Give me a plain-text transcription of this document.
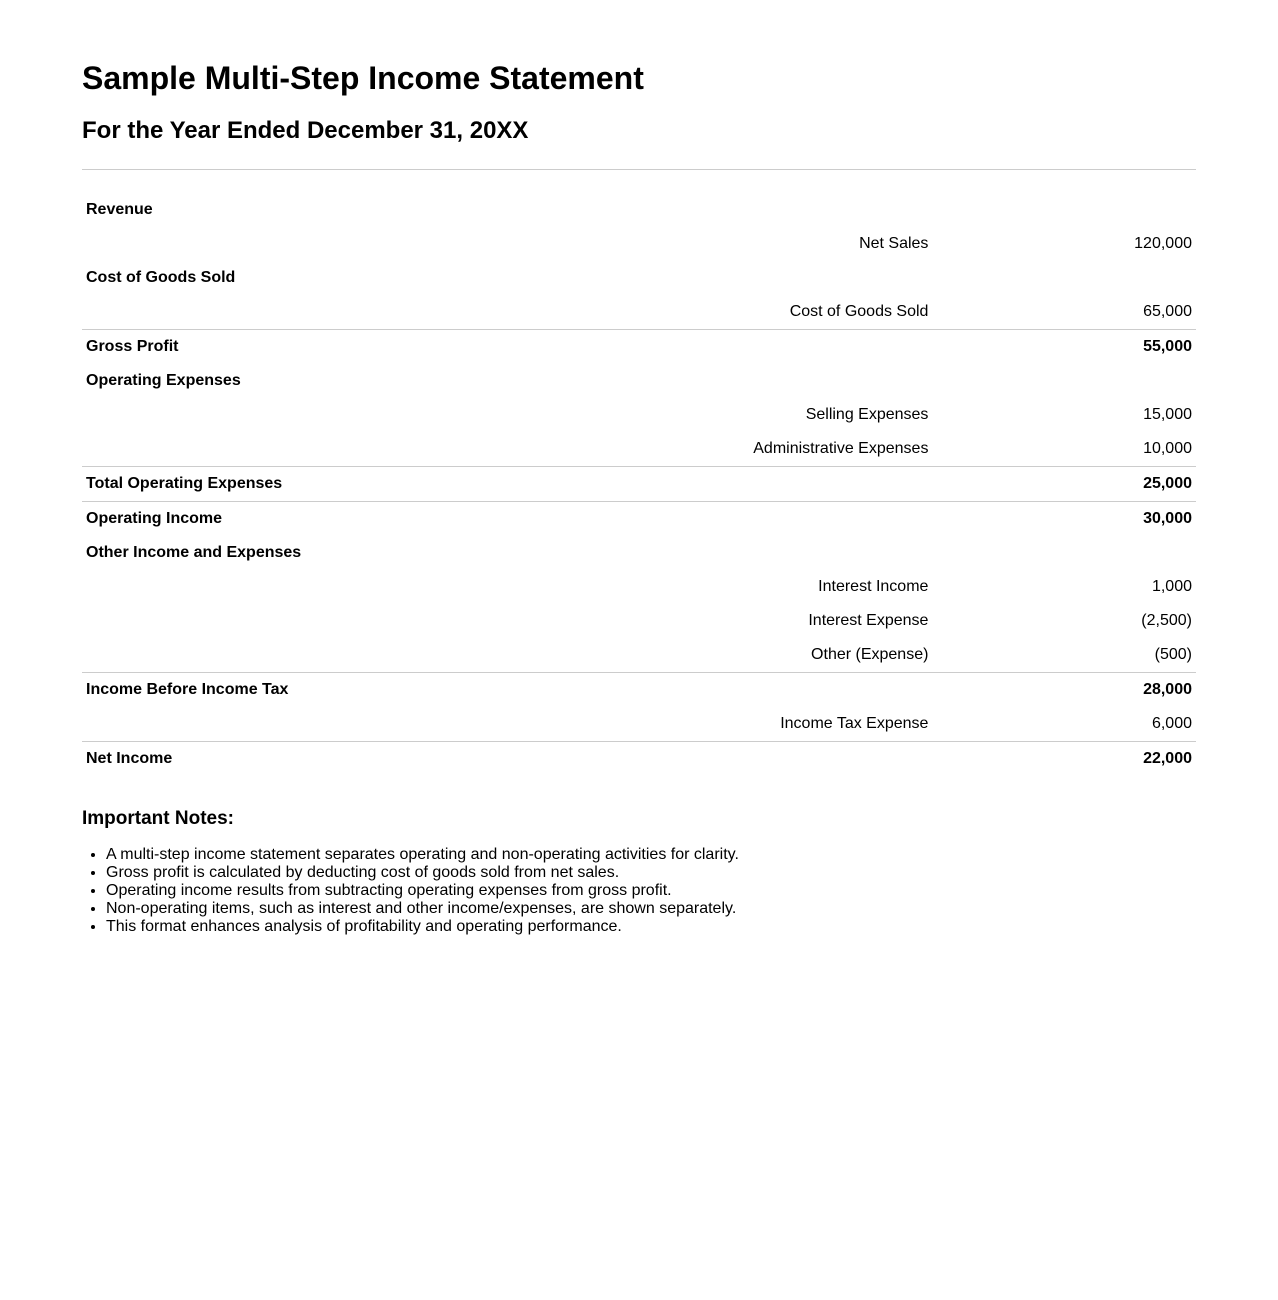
Sample Multi-Step Income Statement
For the Year Ended December 31, 20XX
Revenue		
	Net Sales	120,000
Cost of Goods Sold		
	Cost of Goods Sold	65,000
Gross Profit		55,000
Operating Expenses		
	Selling Expenses	15,000
	Administrative Expenses	10,000
Total Operating Expenses		25,000
Operating Income		30,000
Other Income and Expenses		
	Interest Income	1,000
	Interest Expense	(2,500)
	Other (Expense)	(500)
Income Before Income Tax		28,000
	Income Tax Expense	6,000
Net Income		22,000
Important Notes:
• A multi-step income statement separates operating and non-operating activities for clarity.
• Gross profit is calculated by deducting cost of goods sold from net sales.
• Operating income results from subtracting operating expenses from gross profit.
• Non-operating items, such as interest and other income/expenses, are shown separately.
• This format enhances analysis of profitability and operating performance.
